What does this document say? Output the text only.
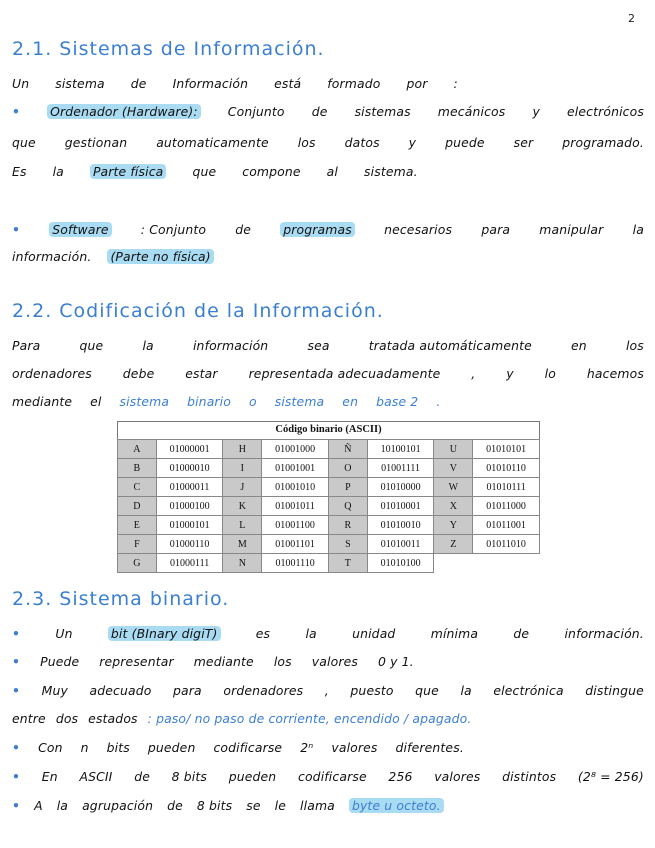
2
2.1. Sistemas de Información.
Un sistema de Información está formado por :
• Ordenador (Hardware): Conjunto de sistemas mecánicos y electrónicos
que gestionan automaticamente los datos y puede ser programado.
Es la Parte física que compone al sistema.
•	Software	: Conjunto de	programas	necesarios para manipular la
información. (Parte no física)
2.2. Codificación de la Información.
Para	que	la	información	sea	tratada automáticamente	en	los
ordenadores debe estar representada adecuadamente , y lo hacemos
mediante el sistema binario o sistema en base 2 .
Código binario (ASCII)
A	01000001	H	01001000	Ñ	10100101	U	01010101
B	01000010	I	01001001	O	01001111	V	01010110
C	01000011	J	01001010	P	01010000	W	01010111
D	01000100	K	01001011	Q	01010001	X	01011000
E	01000101	L	01001100	R	01010010	Y	01011001
F	01000110	M	01001101	S	01010011	Z	01011010
G	01000111	N	01001110	T	01010100		
2.3. Sistema binario.
•	Un	bit (BInary digiT)	es	la	unidad	mínima	de	información.
• Puede representar mediante los valores 0 y 1.
• Muy adecuado para ordenadores , puesto que la electrónica distingue
entre dos estados : paso/ no paso de corriente, encendido / apagado.
• Con n bits pueden codificarse 2ⁿ valores diferentes.
• En ASCII de 8 bits pueden codificarse 256 valores distintos (2⁸ = 256)
• A la agrupación de 8 bits se le llama byte u octeto.
